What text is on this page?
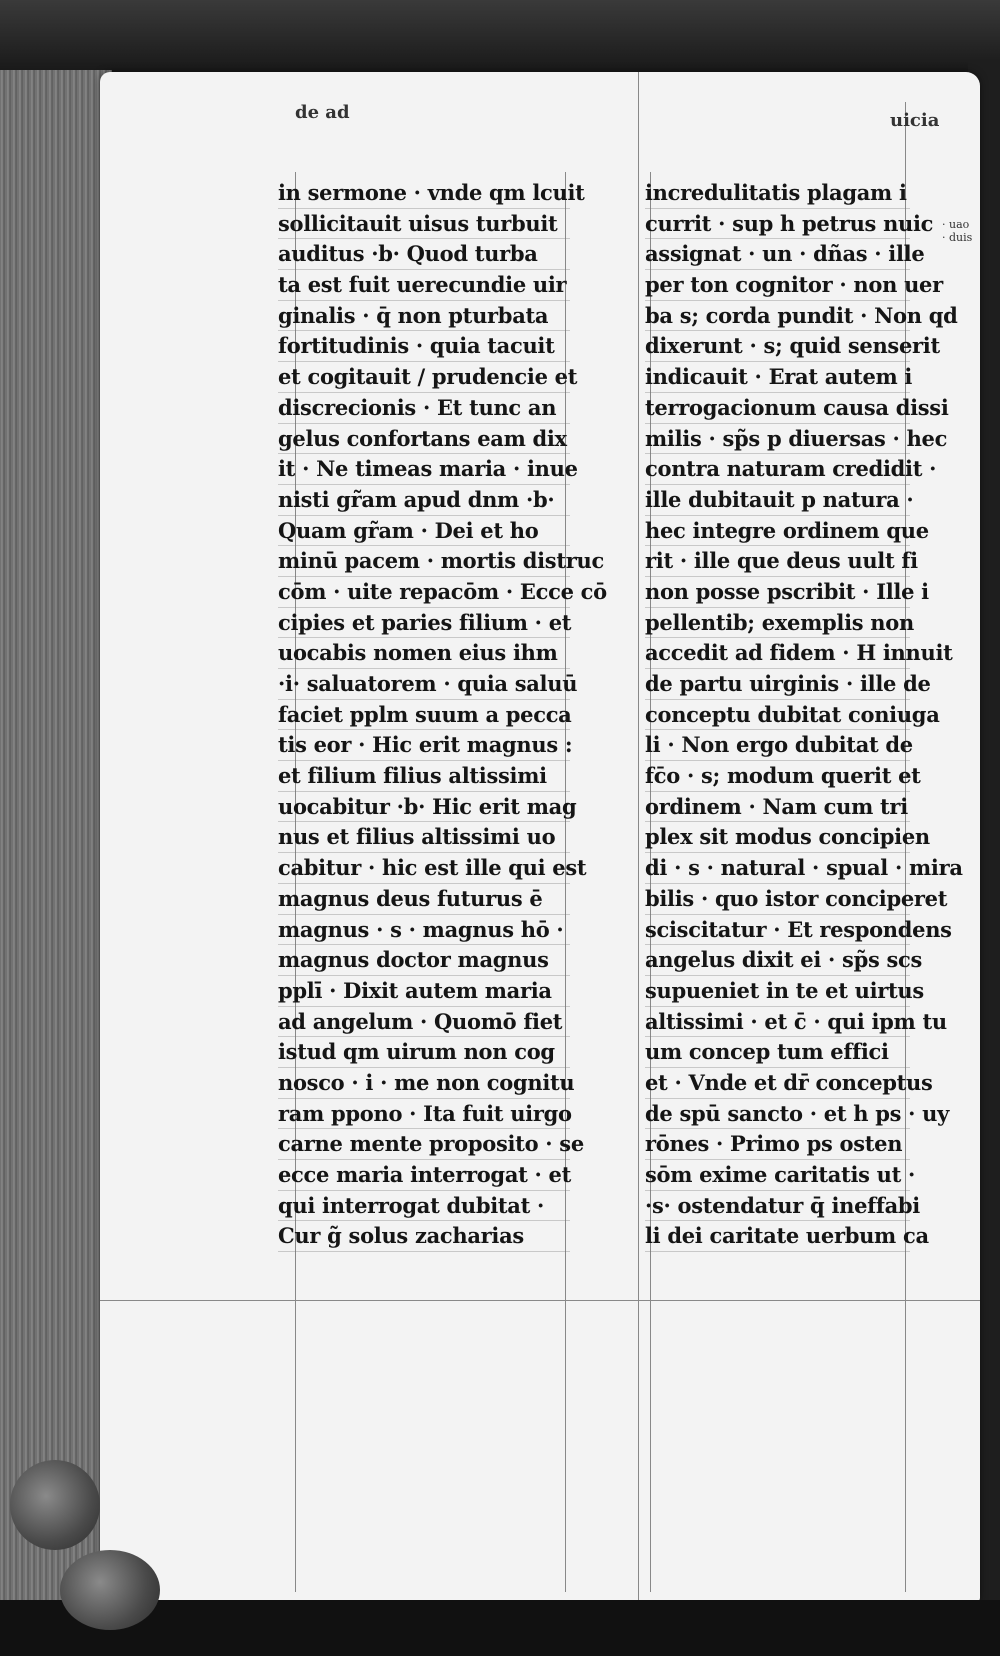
de ad	uicia
· uao
· duis
in sermone · vnde qm lcuit
sollicitauit uisus turbuit
auditus ·b· Quod turba
ta est fuit uerecundie uir
ginalis · q̄ non pturbata
fortitudinis · quia tacuit
et cogitauit / prudencie et
discrecionis · Et tunc an
gelus confortans eam dix
it · Ne timeas maria · inue
nisti gr̃am apud dnm ·b·
Quam gr̃am · Dei et ho
minū pacem · mortis distruc
cōm · uite repacōm · Ecce cō
cipies et paries filium · et
uocabis nomen eius ihm
·i· saluatorem · quia saluū
faciet pplm suum a pecca
tis eor · Hic erit magnus :
et filium filius altissimi
uocabitur ·b· Hic erit mag
nus et filius altissimi uo
cabitur · hic est ille qui est
magnus deus futurus ē
magnus · s · magnus hō ·
magnus doctor magnus
pplī · Dixit autem maria
ad angelum · Quomō fiet
istud qm uirum non cog
nosco · i · me non cognitu
ram ppono · Ita fuit uirgo
carne mente proposito · se
ecce maria interrogat · et
qui interrogat dubitat ·
Cur g̃ solus zacharias
incredulitatis plagam i
currit · sup h petrus nuic
assignat · un · dñas · ille
per ton cognitor · non uer
ba s; corda pundit · Non qd
dixerunt · s; quid senserit
indicauit · Erat autem i
terrogacionum causa dissi
milis · sp̃s p diuersas · hec
contra naturam credidit ·
ille dubitauit p natura ·
hec integre ordinem que
rit · ille que deus uult fi
non posse pscribit · Ille i
pellentib; exemplis non
accedit ad fidem · H innuit
de partu uirginis · ille de
conceptu dubitat coniuga
li · Non ergo dubitat de
fc̄o · s; modum querit et
ordinem · Nam cum tri
plex sit modus concipien
di · s · natural · spual · mira
bilis · quo istor conciperet
sciscitatur · Et respondens
angelus dixit ei · sp̃s scs
supueniet in te et uirtus
altissimi · et c̄ · qui ipm tu
um concep tum effici
et · Vnde et dr̄ conceptus
de spū sancto · et h ps · uy
rōnes · Primo ps osten
sōm exime caritatis ut ·
·s· ostendatur q̄ ineffabi
li dei caritate uerbum ca
